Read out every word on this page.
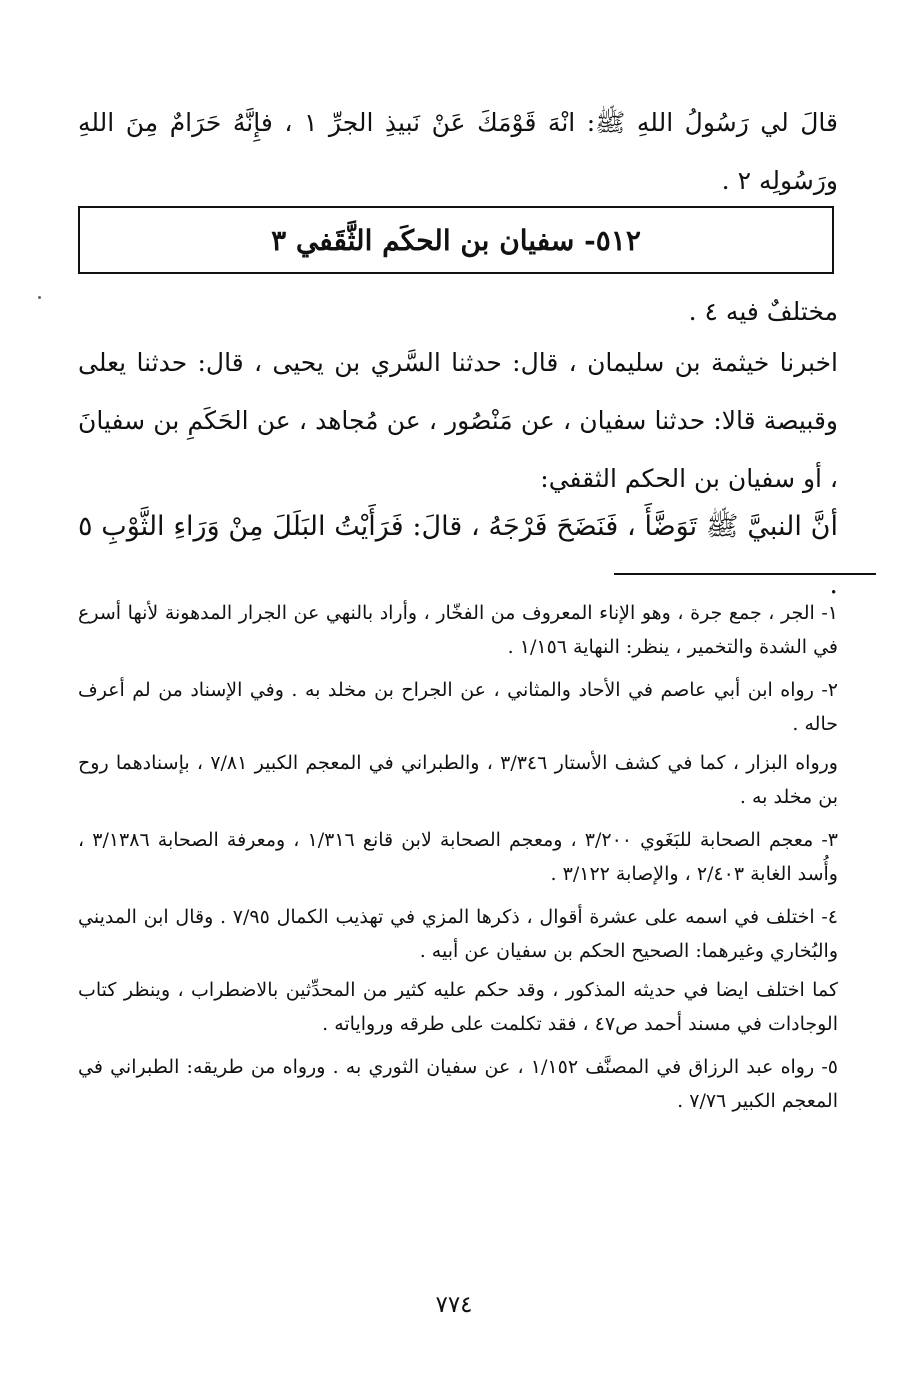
قالَ لي رَسُولُ اللهِ ﷺ: انْهَ قَوْمَكَ عَنْ نَبيذِ الجرِّ ١ ، فإِنَّهُ حَرَامٌ مِنَ اللهِ ورَسُولِه ٢ .
٥١٢- سفيان بن الحكَم الثَّقَفي ٣
مختلفٌ فيه ٤ .
اخبرنا خيثمة بن سليمان ، قال: حدثنا السَّري بن يحيى ، قال: حدثنا يعلى وقبيصة قالا: حدثنا سفيان ، عن مَنْصُور ، عن مُجاهد ، عن الحَكَمِ بن سفيانَ ، أو سفيان بن الحكم الثقفي:
أنَّ النبيَّ ﷺ تَوَضَّأَ ، فَنَضَحَ فَرْجَهُ ، قالَ: فَرَأَيْتُ البَلَلَ مِنْ وَرَاءِ الثَّوْبِ ٥ .

١- الجر ، جمع جرة ، وهو الإناء المعروف من الفخّار ، وأراد بالنهي عن الجرار المدهونة لأنها أسرع في الشدة والتخمير ، ينظر: النهاية ١/١٥٦ .

٢- رواه ابن أبي عاصم في الأحاد والمثاني ، عن الجراح بن مخلد به . وفي الإسناد من لم أعرف حاله .

ورواه البزار ، كما في كشف الأستار ٣/٣٤٦ ، والطبراني في المعجم الكبير ٧/٨١ ، بإسنادهما روح بن مخلد به .

٣- معجم الصحابة للبَغَوي ٣/٢٠٠ ، ومعجم الصحابة لابن قانع ١/٣١٦ ، ومعرفة الصحابة ٣/١٣٨٦ ، وأُسد الغابة ٢/٤٠٣ ، والإصابة ٣/١٢٢ .

٤- اختلف في اسمه على عشرة أقوال ، ذكرها المزي في تهذيب الكمال ٧/٩٥ . وقال ابن المديني والبُخاري وغيرهما: الصحيح الحكم بن سفيان عن أبيه .

كما اختلف ايضا في حديثه المذكور ، وقد حكم عليه كثير من المحدِّثين بالاضطراب ، وينظر كتاب الوجادات في مسند أحمد ص٤٧ ، فقد تكلمت على طرقه ورواياته .

٥- رواه عبد الرزاق في المصنَّف ١/١٥٢ ، عن سفيان الثوري به . ورواه من طريقه: الطبراني في المعجم الكبير ٧/٧٦ .

٧٧٤
